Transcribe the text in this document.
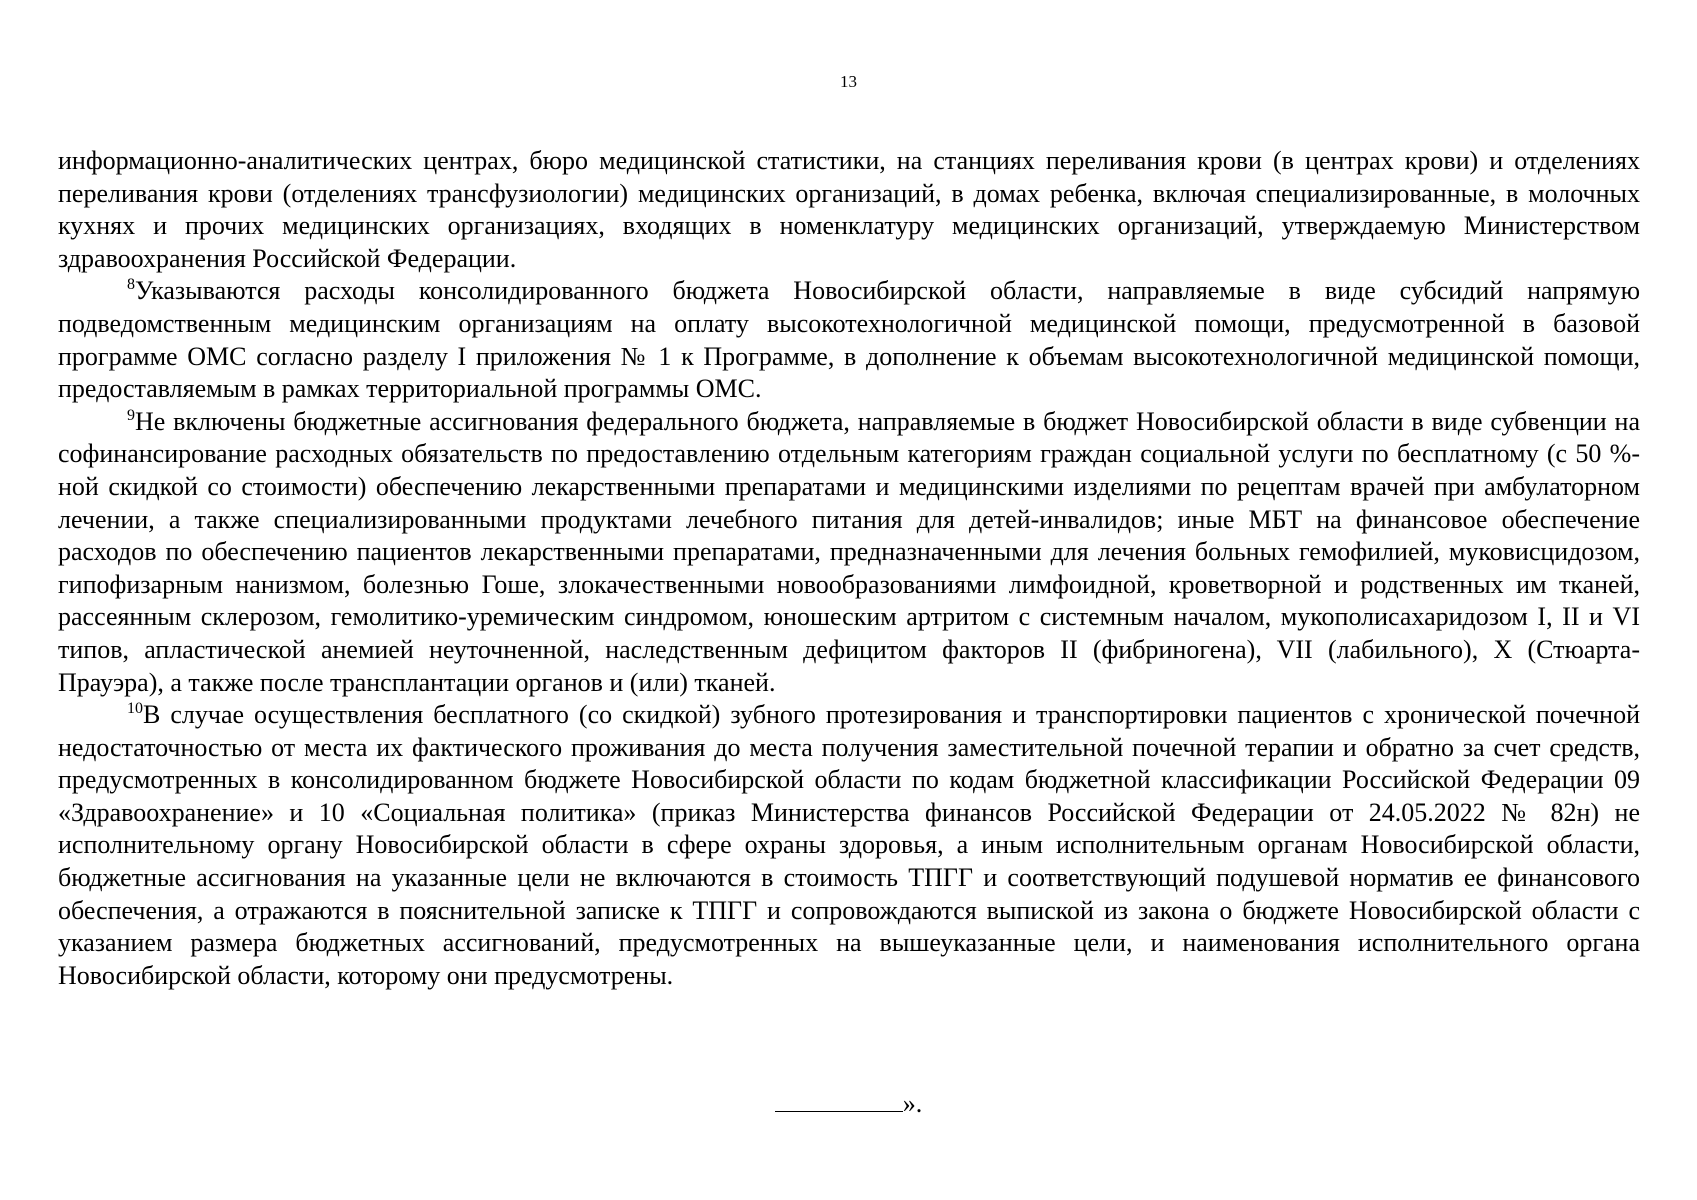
13

информационно-аналитических центрах, бюро медицинской статистики, на станциях переливания крови (в центрах крови) и отделениях переливания крови (отделениях трансфузиологии) медицинских организаций, в домах ребенка, включая специализированные, в молочных кухнях и прочих медицинских организациях, входящих в номенклатуру медицинских организаций, утверждаемую Министерством здравоохранения Российской Федерации.

$^8$Указываются расходы консолидированного бюджета Новосибирской области, направляемые в виде субсидий напрямую подведомственным медицинским организациям на оплату высокотехнологичной медицинской помощи, предусмотренной в базовой программе ОМС согласно разделу I приложения № 1 к Программе, в дополнение к объемам высокотехнологичной медицинской помощи, предоставляемым в рамках территориальной программы ОМС.

$^9$Не включены бюджетные ассигнования федерального бюджета, направляемые в бюджет Новосибирской области в виде субвенции на софинансирование расходных обязательств по предоставлению отдельным категориям граждан социальной услуги по бесплатному (с 50 %-ной скидкой со стоимости) обеспечению лекарственными препаратами и медицинскими изделиями по рецептам врачей при амбулаторном лечении, а также специализированными продуктами лечебного питания для детей-инвалидов; иные МБТ на финансовое обеспечение расходов по обеспечению пациентов лекарственными препаратами, предназначенными для лечения больных гемофилией, муковисцидозом, гипофизарным нанизмом, болезнью Гоше, злокачественными новообразованиями лимфоидной, кроветворной и родственных им тканей, рассеянным склерозом, гемолитико-уремическим синдромом, юношеским артритом с системным началом, мукополисахаридозом I, II и VI типов, апластической анемией неуточненной, наследственным дефицитом факторов II (фибриногена), VII (лабильного), X (Стюарта-Прауэра), а также после трансплантации органов и (или) тканей.

$^{10}$В случае осуществления бесплатного (со скидкой) зубного протезирования и транспортировки пациентов с хронической почечной недостаточностью от места их фактического проживания до места получения заместительной почечной терапии и обратно за счет средств, предусмотренных в консолидированном бюджете Новосибирской области по кодам бюджетной классификации Российской Федерации 09 «Здравоохранение» и 10 «Социальная политика» (приказ Министерства финансов Российской Федерации от 24.05.2022 № 82н) не исполнительному органу Новосибирской области в сфере охраны здоровья, а иным исполнительным органам Новосибирской области, бюджетные ассигнования на указанные цели не включаются в стоимость ТПГГ и соответствующий подушевой норматив ее финансового обеспечения, а отражаются в пояснительной записке к ТПГГ и сопровождаются выпиской из закона о бюджете Новосибирской области с указанием размера бюджетных ассигнований, предусмотренных на вышеуказанные цели, и наименования исполнительного органа Новосибирской области, которому они предусмотрены.

».
